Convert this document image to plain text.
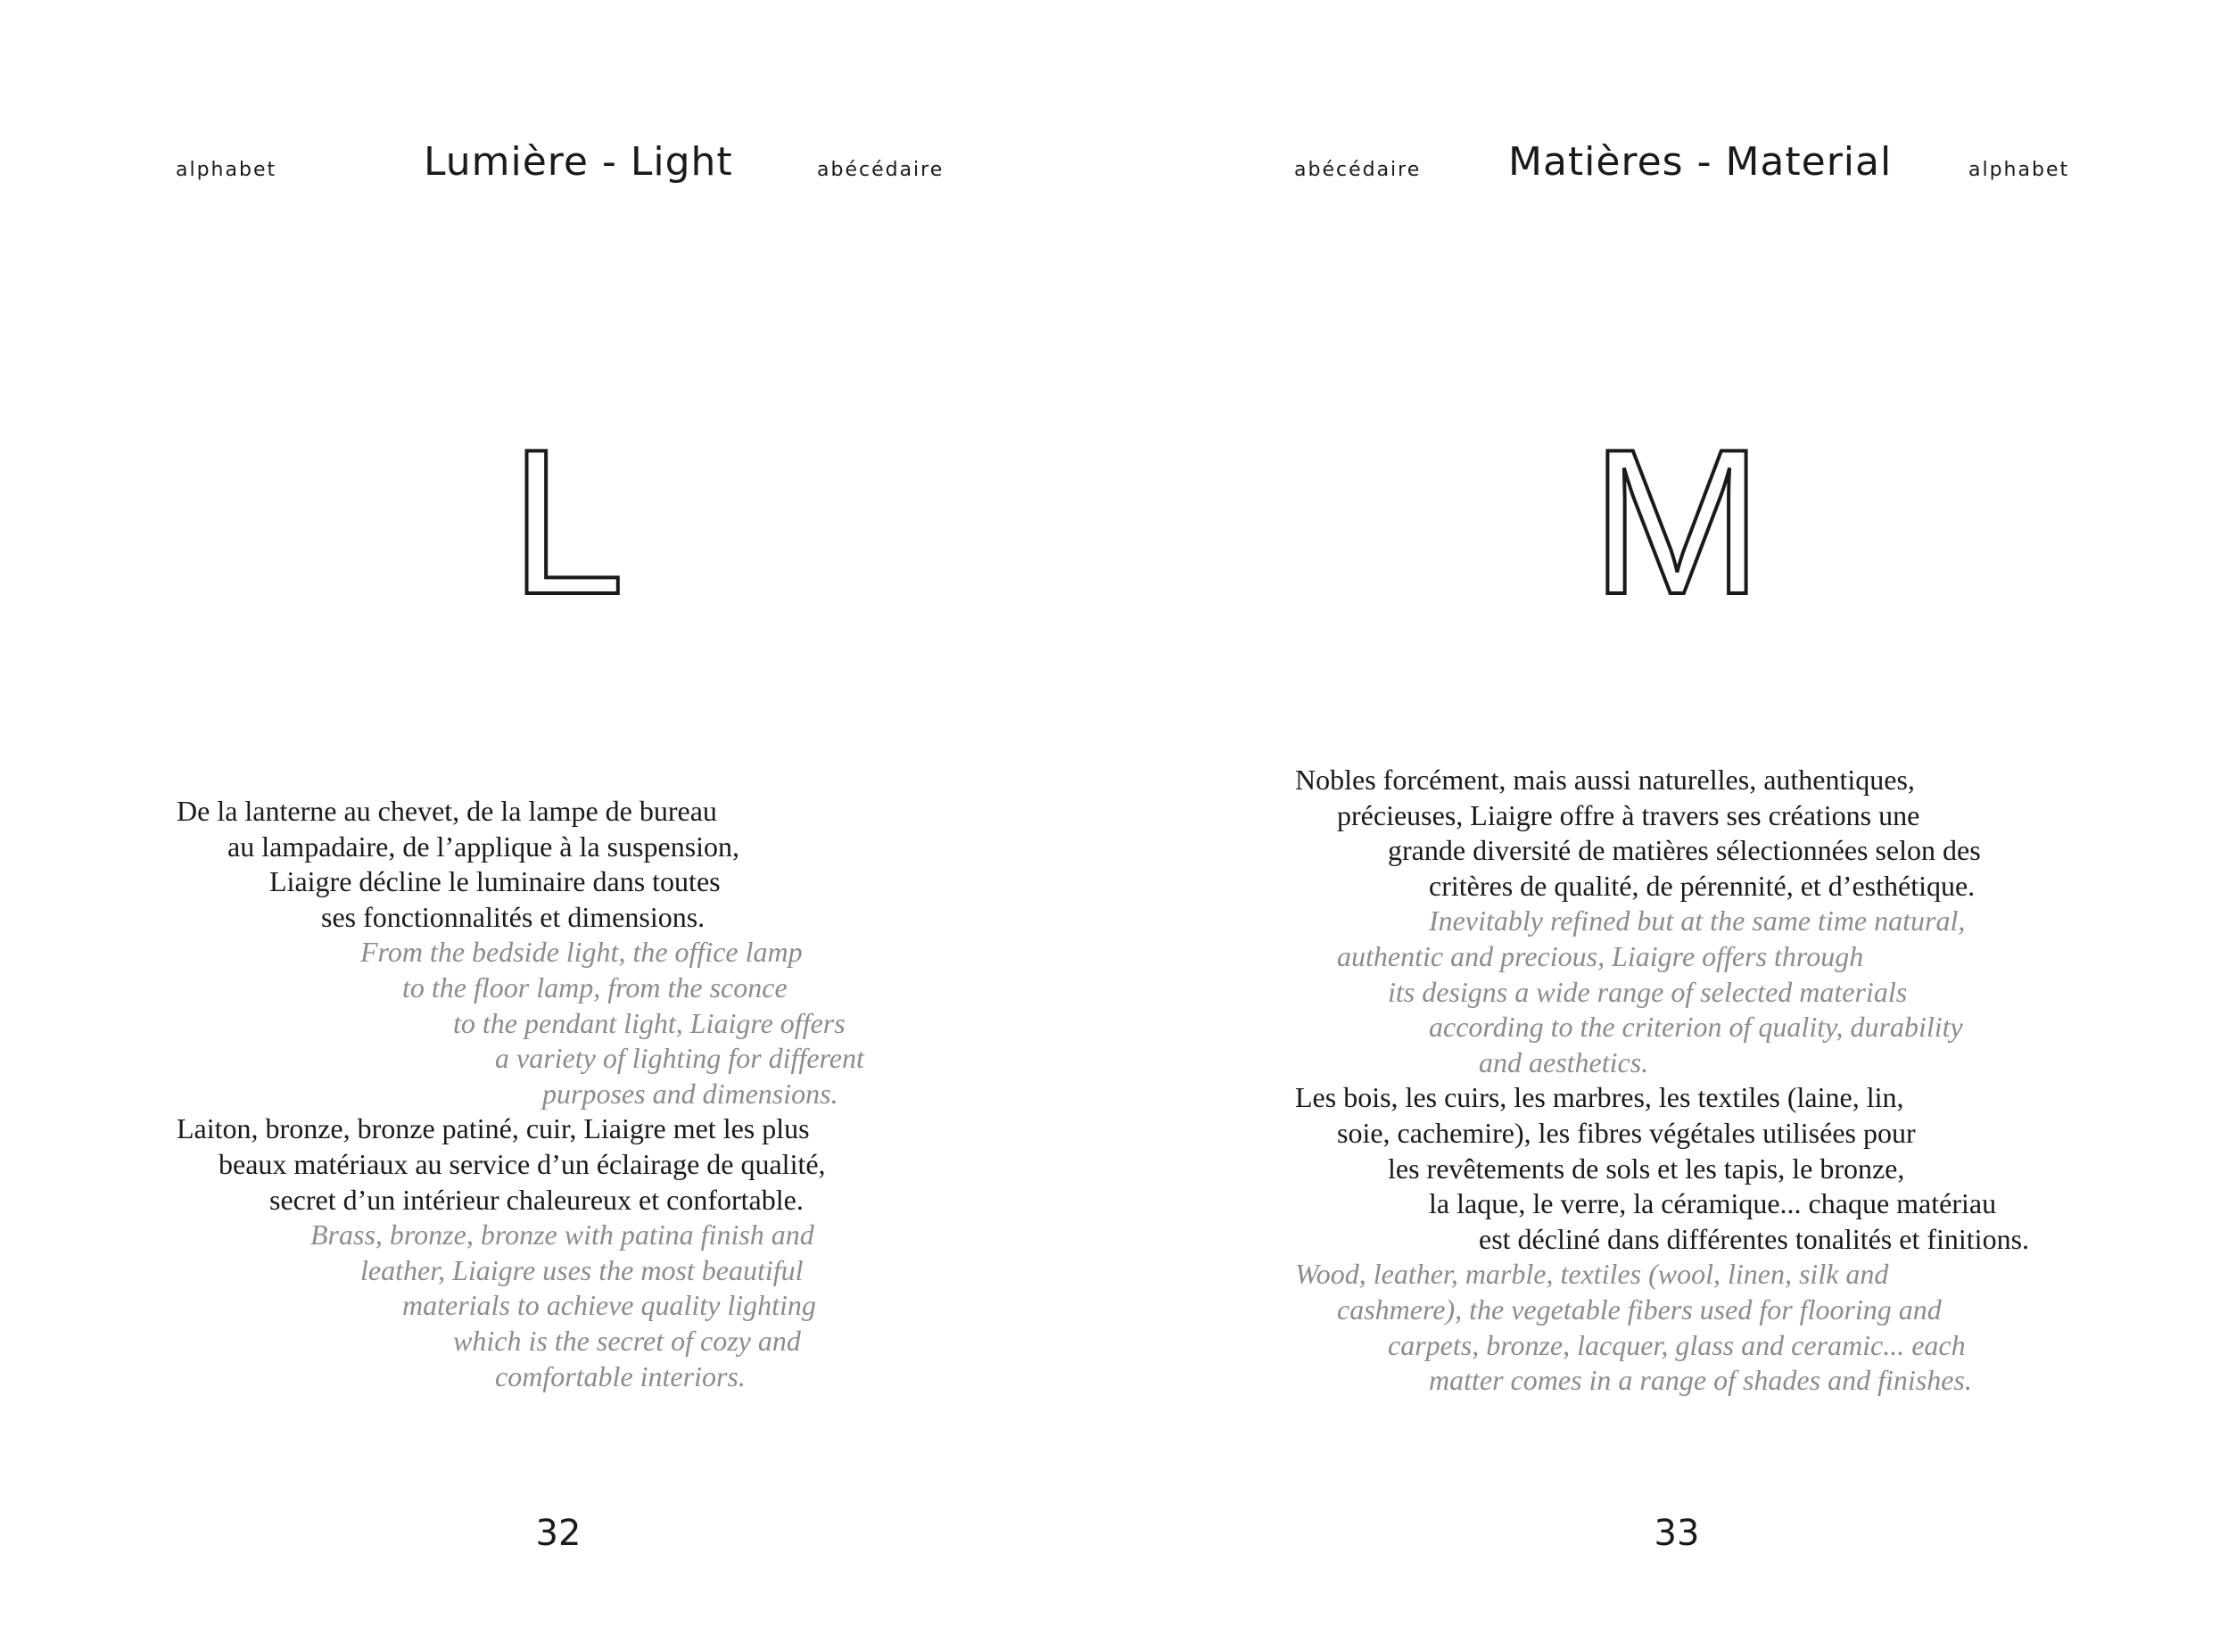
alphabet	Lumière - Light	abécédaire
L
De la lanterne au chevet, de la lampe de bureau
au lampadaire, de l’applique à la suspension,
Liaigre décline le luminaire dans toutes
ses fonctionnalités et dimensions.
From the bedside light, the office lamp
to the floor lamp, from the sconce
to the pendant light, Liaigre offers
a variety of lighting for different
purposes and dimensions.
Laiton, bronze, bronze patiné, cuir, Liaigre met les plus
beaux matériaux au service d’un éclairage de qualité,
secret d’un intérieur chaleureux et confortable.
Brass, bronze, bronze with patina finish and
leather, Liaigre uses the most beautiful
materials to achieve quality lighting
which is the secret of cozy and
comfortable interiors.
32
abécédaire Matières - Material	alphabet
M
Nobles forcément, mais aussi naturelles, authentiques,
précieuses, Liaigre offre à travers ses créations une
grande diversité de matières sélectionnées selon des
critères de qualité, de pérennité, et d’esthétique.
Inevitably refined but at the same time natural,
authentic and precious, Liaigre offers through
its designs a wide range of selected materials
according to the criterion of quality, durability
and aesthetics.
Les bois, les cuirs, les marbres, les textiles (laine, lin,
soie, cachemire), les fibres végétales utilisées pour
les revêtements de sols et les tapis, le bronze,
la laque, le verre, la céramique... chaque matériau
est décliné dans différentes tonalités et finitions.
Wood, leather, marble, textiles (wool, linen, silk and
cashmere), the vegetable fibers used for flooring and
carpets, bronze, lacquer, glass and ceramic... each
matter comes in a range of shades and finishes.
33
